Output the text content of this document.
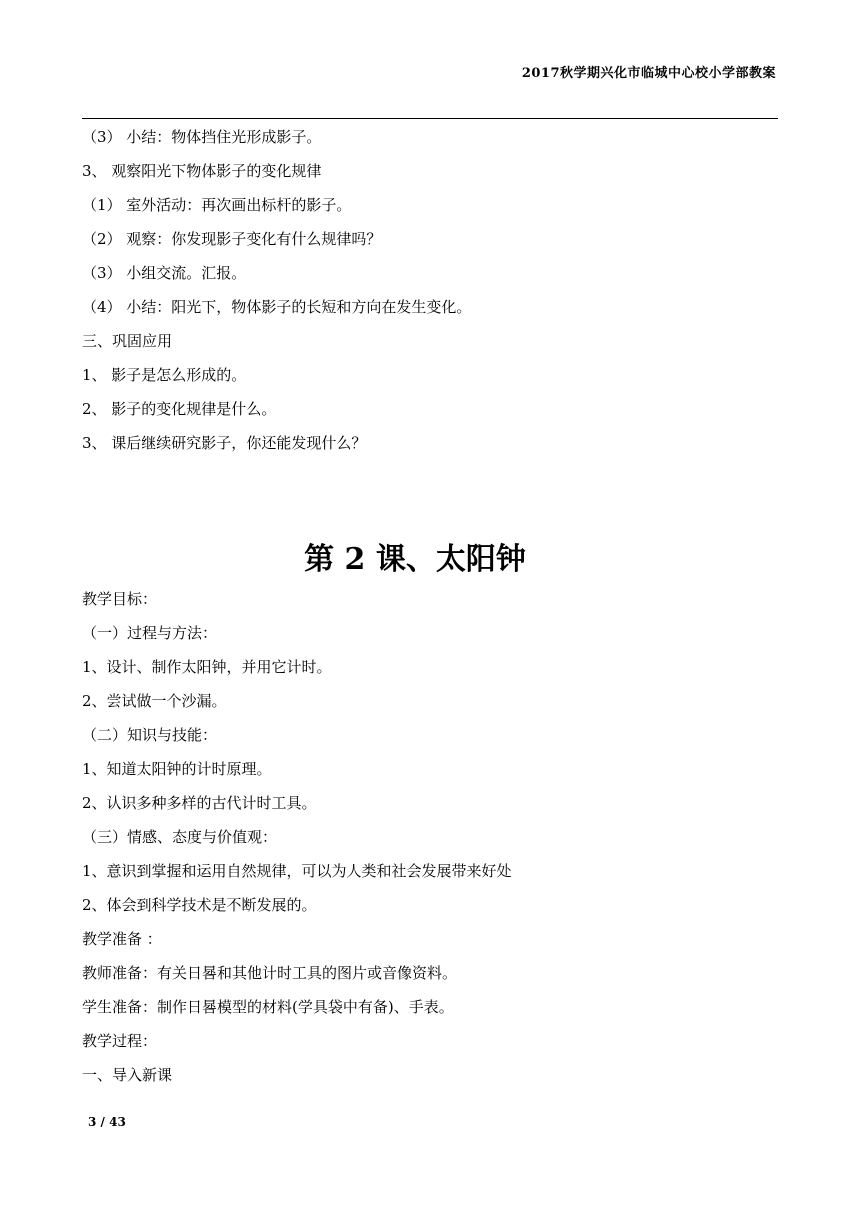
2017秋学期兴化市临城中心校小学部教案
（3） 小结：物体挡住光形成影子。
3、 观察阳光下物体影子的变化规律
（1） 室外活动：再次画出标杆的影子。
（2） 观察：你发现影子变化有什么规律吗？
（3） 小组交流。汇报。
（4） 小结：阳光下，物体影子的长短和方向在发生变化。
三、巩固应用
1、 影子是怎么形成的。
2、 影子的变化规律是什么。
3、 课后继续研究影子，你还能发现什么？
第 2 课、太阳钟
教学目标：
（一）过程与方法：
1、设计、制作太阳钟，并用它计时。
2、尝试做一个沙漏。
（二）知识与技能：
1、知道太阳钟的计时原理。
2、认识多种多样的古代计时工具。
（三）情感、态度与价值观：
1、意识到掌握和运用自然规律，可以为人类和社会发展带来好处
2、体会到科学技术是不断发展的。
教学准备 ：
教师准备：有关日晷和其他计时工具的图片或音像资料。
学生准备：制作日晷模型的材料(学具袋中有备)、手表。
教学过程：
一、导入新课
3 / 43
